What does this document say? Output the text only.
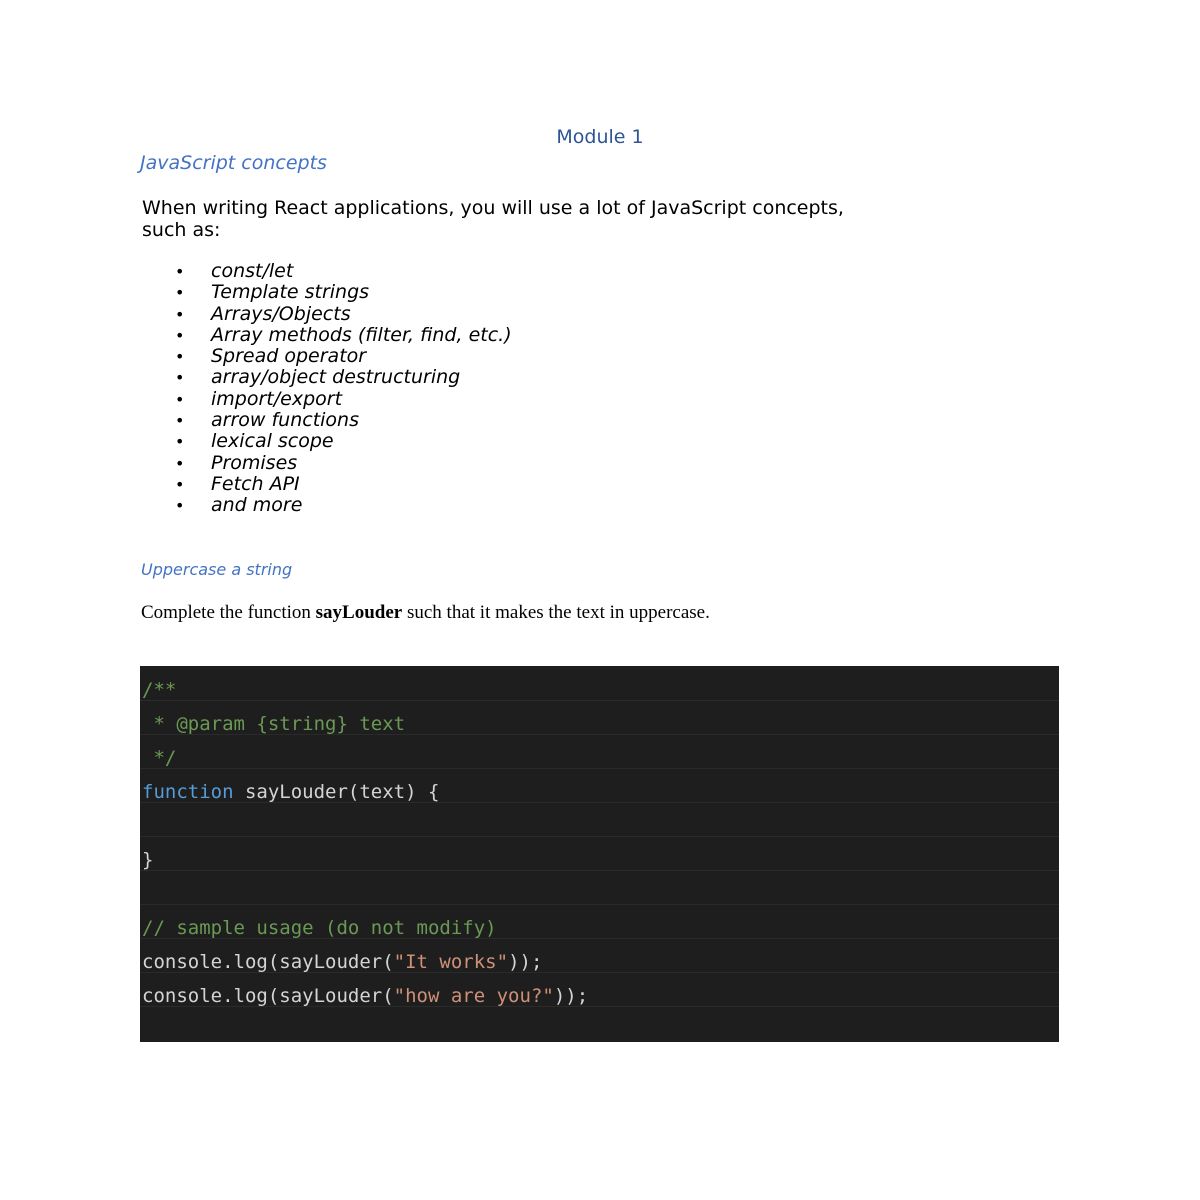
Module 1
JavaScript concepts

When writing React applications, you will use a lot of JavaScript concepts,
such as:

• const/let
• Template strings
• Arrays/Objects
• Array methods (filter, find, etc.)
• Spread operator
• array/object destructuring
• import/export
• arrow functions
• lexical scope
• Promises
• Fetch API
• and more
Uppercase a string

Complete the function sayLouder such that it makes the text in uppercase.

/**
* @param {string} text
*/
function sayLouder(text) {
}
// sample usage (do not modify)
console.log(sayLouder("It works"));
console.log(sayLouder("how are you?"));
